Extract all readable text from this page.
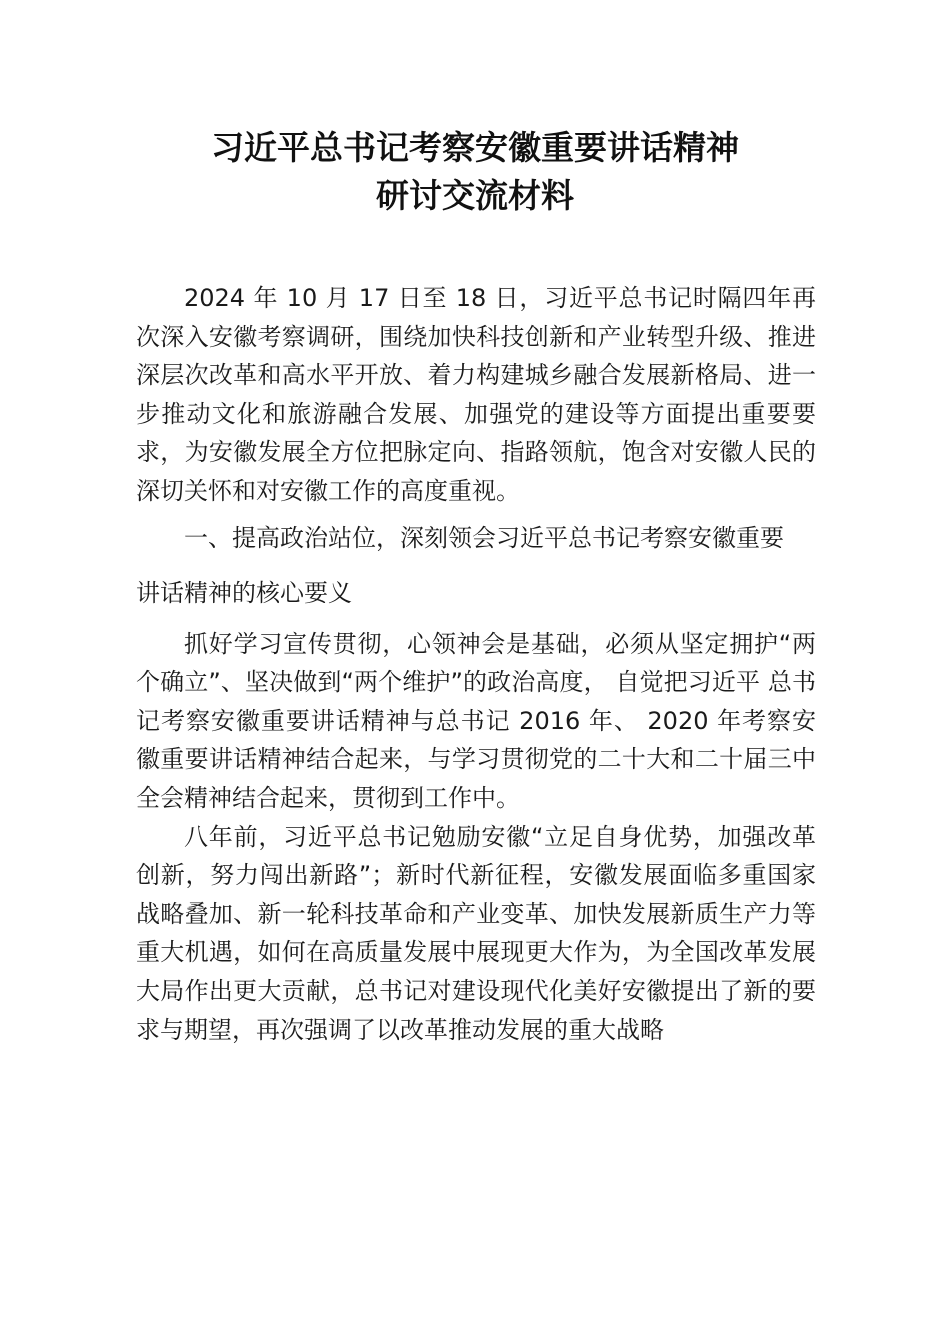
习近平总书记考察安徽重要讲话精神
研讨交流材料

2024 年 10 月 17 日至 18 日，习近平总书记时隔四年再次深入安徽考察调研，围绕加快科技创新和产业转型升级、推进深层次改革和高水平开放、着力构建城乡融合发展新格局、进一步推动文化和旅游融合发展、加强党的建设等方面提出重要要求，为安徽发展全方位把脉定向、指路领航，饱含对安徽人民的深切关怀和对安徽工作的高度重视。

一、提高政治站位，深刻领会习近平总书记考察安徽重要

讲话精神的核心要义

抓好学习宣传贯彻，心领神会是基础，必须从坚定拥护“两个确立”、坚决做到“两个维护”的政治高度， 自觉把习近平 总书记考察安徽重要讲话精神与总书记 2016 年、 2020 年考察安徽重要讲话精神结合起来，与学习贯彻党的二十大和二十届三中全会精神结合起来，贯彻到工作中。

八年前，习近平总书记勉励安徽“立足自身优势，加强改革创新，努力闯出新路”；新时代新征程，安徽发展面临多重国家战略叠加、新一轮科技革命和产业变革、加快发展新质生产力等重大机遇，如何在高质量发展中展现更大作为，为全国改革发展大局作出更大贡献，总书记对建设现代化美好安徽提出了新的要求与期望，再次强调了以改革推动发展的重大战略
